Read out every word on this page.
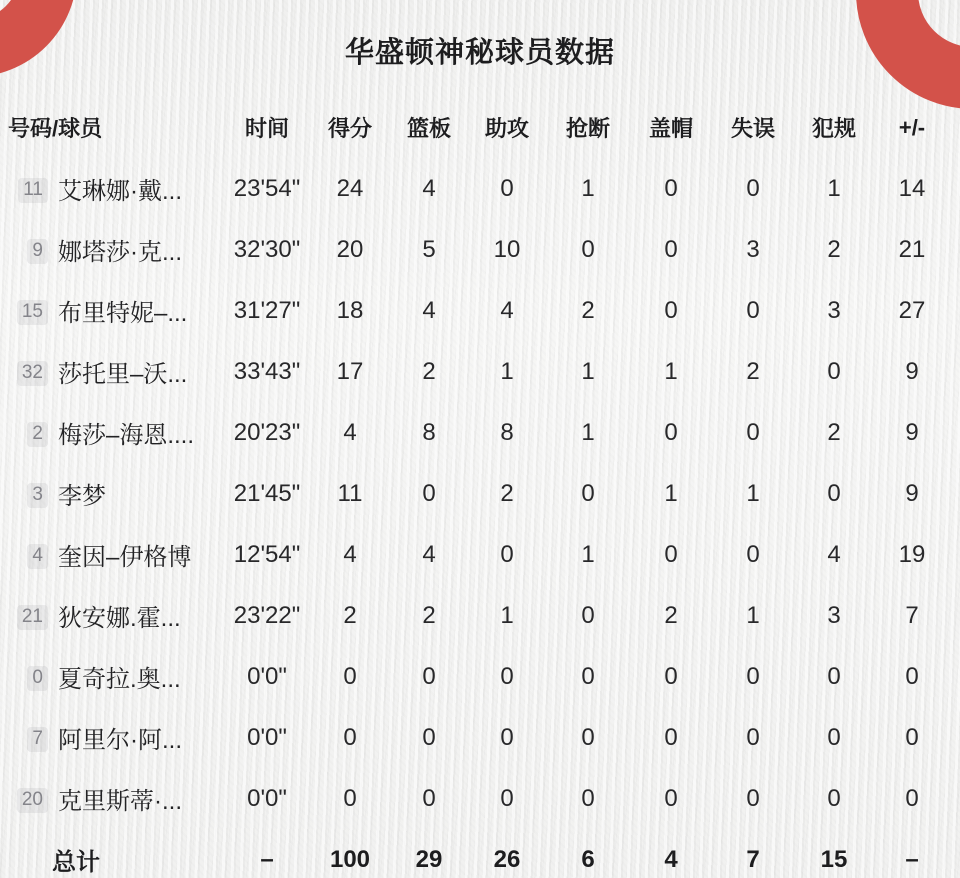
华盛顿神秘球员数据
号码/球员	时间	得分	篮板	助攻	抢断	盖帽	失误	犯规	+/-
11 艾琳娜·戴...	23'54"	24	4	0	1	0	0	1	14
9 娜塔莎·克...	32'30"	20	5	10	0	0	3	2	21
15 布里特妮–...	31'27"	18	4	4	2	0	0	3	27
32 莎托里–沃...	33'43"	17	2	1	1	1	2	0	9
2 梅莎–海恩....	20'23"	4	8	8	1	0	0	2	9
3 李梦	21'45"	11	0	2	0	1	1	0	9
4 奎因–伊格博	12'54"	4	4	0	1	0	0	4	19
21 狄安娜.霍...	23'22"	2	2	1	0	2	1	3	7
0 夏奇拉.奥...	0'0"	0	0	0	0	0	0	0	0
7 阿里尔·阿...	0'0"	0	0	0	0	0	0	0	0
20 克里斯蒂·...	0'0"	0	0	0	0	0	0	0	0
总计	–	100	29	26	6	4	7	15	–
